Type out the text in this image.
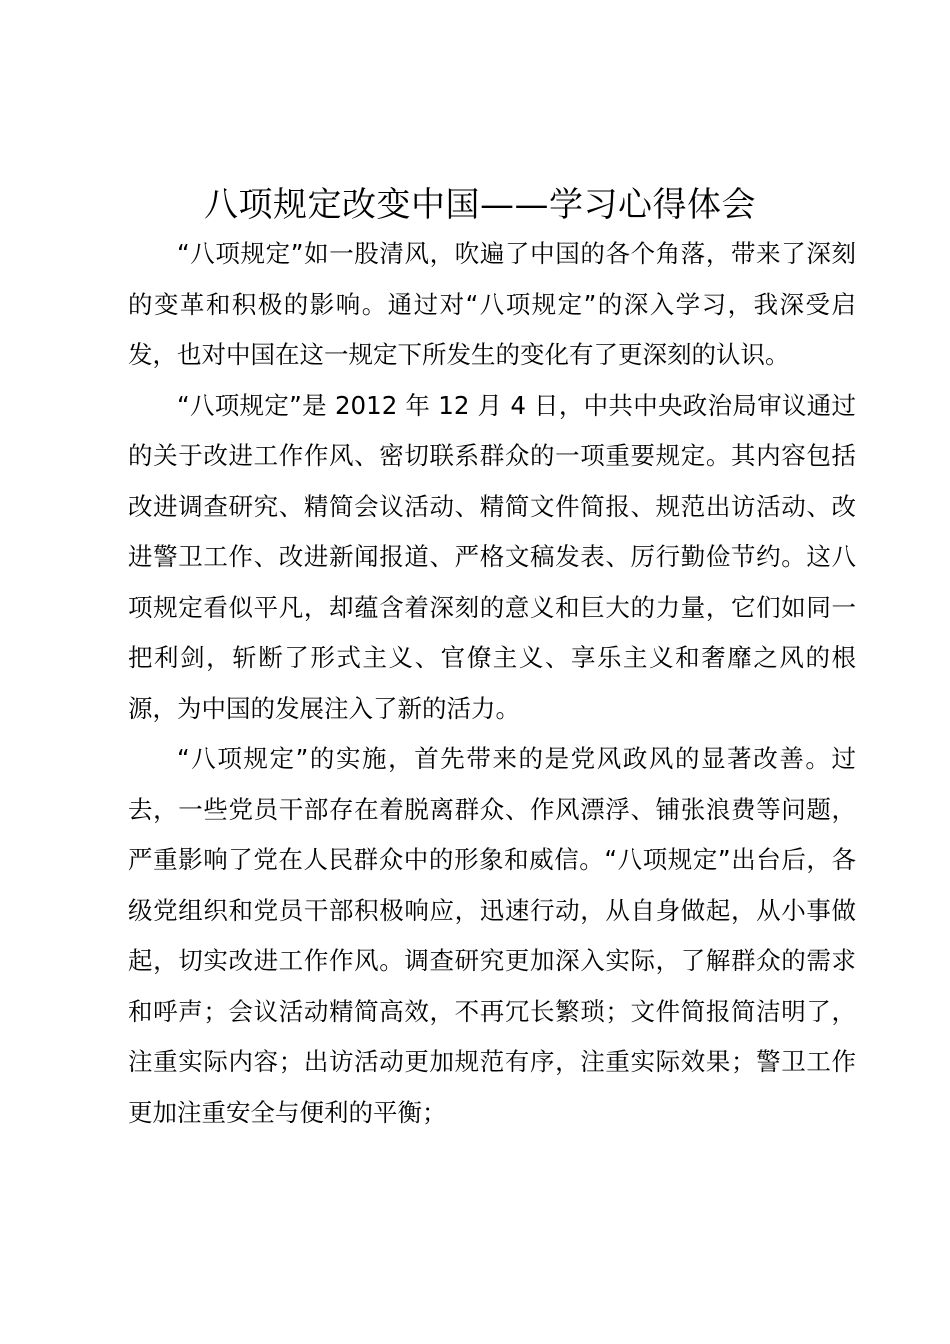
八项规定改变中国——学习心得体会

“八项规定”如一股清风，吹遍了中国的各个角落，带来了深刻的变革和积极的影响。通过对“八项规定”的深入学习，我深受启发，也对中国在这一规定下所发生的变化有了更深刻的认识。

“八项规定”是 2012 年 12 月 4 日，中共中央政治局审议通过的关于改进工作作风、密切联系群众的一项重要规定。其内容包括改进调查研究、精简会议活动、精简文件简报、规范出访活动、改进警卫工作、改进新闻报道、严格文稿发表、厉行勤俭节约。这八项规定看似平凡，却蕴含着深刻的意义和巨大的力量，它们如同一把利剑，斩断了形式主义、官僚主义、享乐主义和奢靡之风的根源，为中国的发展注入了新的活力。

“八项规定”的实施，首先带来的是党风政风的显著改善。过去，一些党员干部存在着脱离群众、作风漂浮、铺张浪费等问题，严重影响了党在人民群众中的形象和威信。“八项规定”出台后，各级党组织和党员干部积极响应，迅速行动，从自身做起，从小事做起，切实改进工作作风。调查研究更加深入实际，了解群众的需求和呼声；会议活动精简高效，不再冗长繁琐；文件简报简洁明了，注重实际内容；出访活动更加规范有序，注重实际效果；警卫工作更加注重安全与便利的平衡；
